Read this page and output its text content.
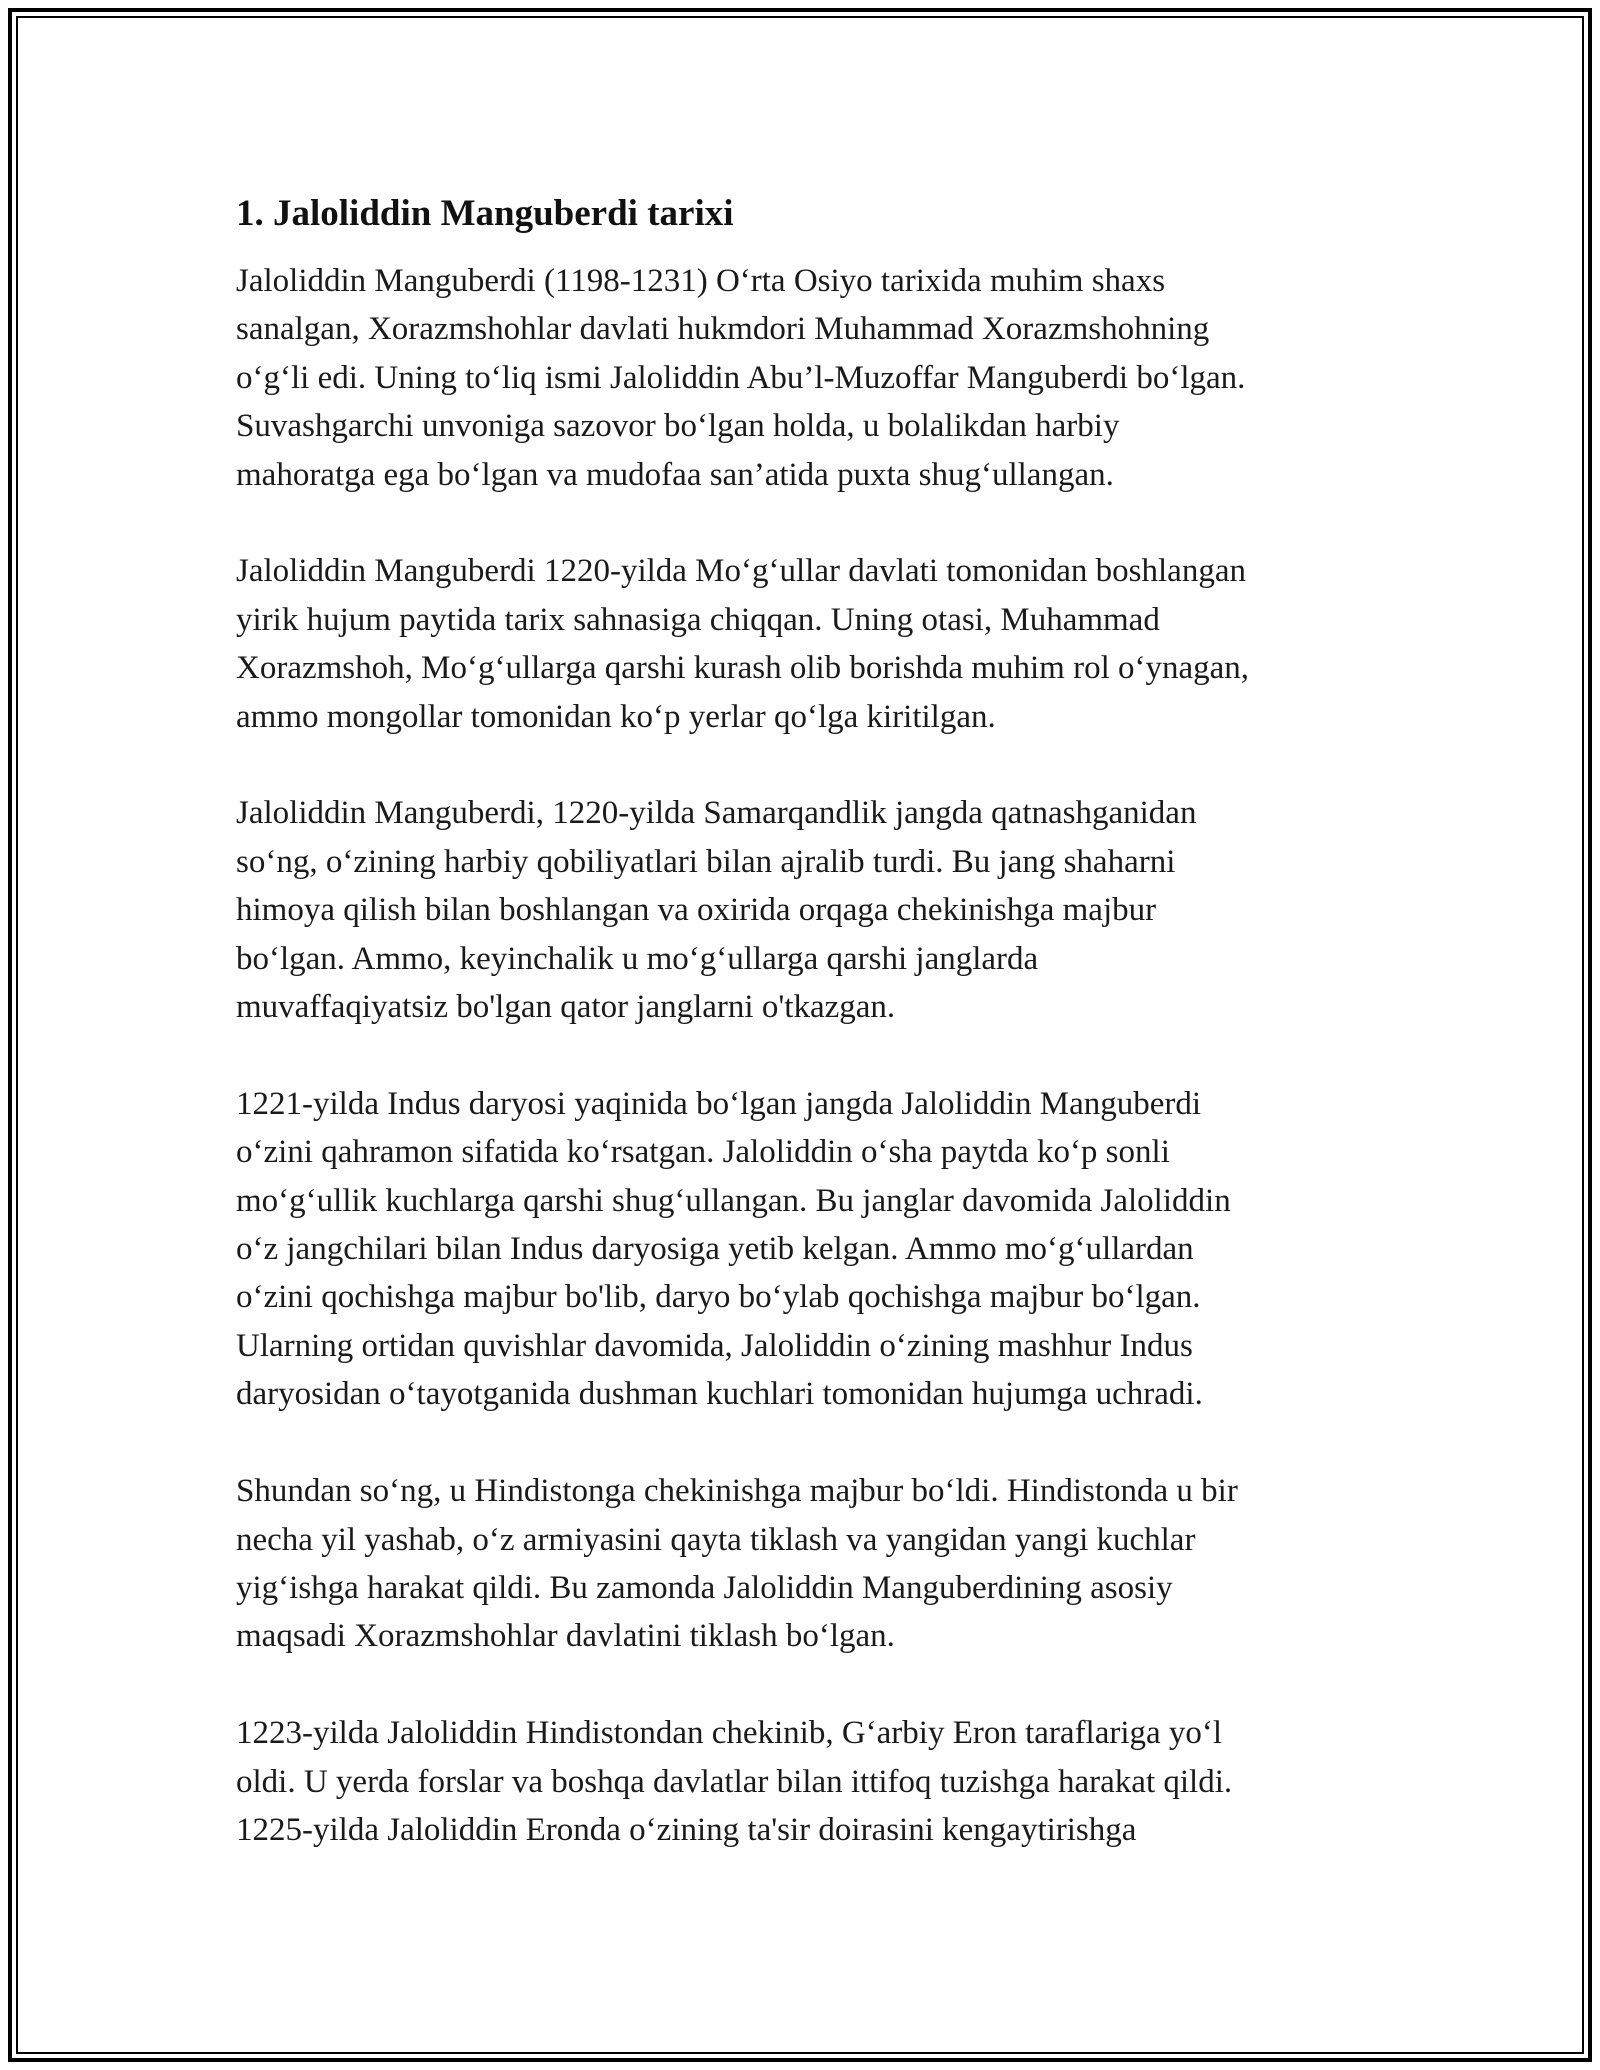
1. Jaloliddin Manguberdi tarixi
Jaloliddin Manguberdi (1198-1231) O‘rta Osiyo tarixida muhim shaxs
sanalgan, Xorazmshohlar davlati hukmdori Muhammad Xorazmshohning
o‘g‘li edi. Uning to‘liq ismi Jaloliddin Abu’l-Muzoffar Manguberdi bo‘lgan.
Suvashgarchi unvoniga sazovor bo‘lgan holda, u bolalikdan harbiy
mahoratga ega bo‘lgan va mudofaa san’atida puxta shug‘ullangan.
Jaloliddin Manguberdi 1220-yilda Mo‘g‘ullar davlati tomonidan boshlangan
yirik hujum paytida tarix sahnasiga chiqqan. Uning otasi, Muhammad
Xorazmshoh, Mo‘g‘ullarga qarshi kurash olib borishda muhim rol o‘ynagan,
ammo mongollar tomonidan ko‘p yerlar qo‘lga kiritilgan.
Jaloliddin Manguberdi, 1220-yilda Samarqandlik jangda qatnashganidan
so‘ng, o‘zining harbiy qobiliyatlari bilan ajralib turdi. Bu jang shaharni
himoya qilish bilan boshlangan va oxirida orqaga chekinishga majbur
bo‘lgan. Ammo, keyinchalik u mo‘g‘ullarga qarshi janglarda
muvaffaqiyatsiz bo'lgan qator janglarni o'tkazgan.
1221-yilda Indus daryosi yaqinida bo‘lgan jangda Jaloliddin Manguberdi
o‘zini qahramon sifatida ko‘rsatgan. Jaloliddin o‘sha paytda ko‘p sonli
mo‘g‘ullik kuchlarga qarshi shug‘ullangan. Bu janglar davomida Jaloliddin
o‘z jangchilari bilan Indus daryosiga yetib kelgan. Ammo mo‘g‘ullardan
o‘zini qochishga majbur bo'lib, daryo bo‘ylab qochishga majbur bo‘lgan.
Ularning ortidan quvishlar davomida, Jaloliddin o‘zining mashhur Indus
daryosidan o‘tayotganida dushman kuchlari tomonidan hujumga uchradi.
Shundan so‘ng, u Hindistonga chekinishga majbur bo‘ldi. Hindistonda u bir
necha yil yashab, o‘z armiyasini qayta tiklash va yangidan yangi kuchlar
yig‘ishga harakat qildi. Bu zamonda Jaloliddin Manguberdining asosiy
maqsadi Xorazmshohlar davlatini tiklash bo‘lgan.
1223-yilda Jaloliddin Hindistondan chekinib, G‘arbiy Eron taraflariga yo‘l
oldi. U yerda forslar va boshqa davlatlar bilan ittifoq tuzishga harakat qildi.
1225-yilda Jaloliddin Eronda o‘zining ta'sir doirasini kengaytirishga
